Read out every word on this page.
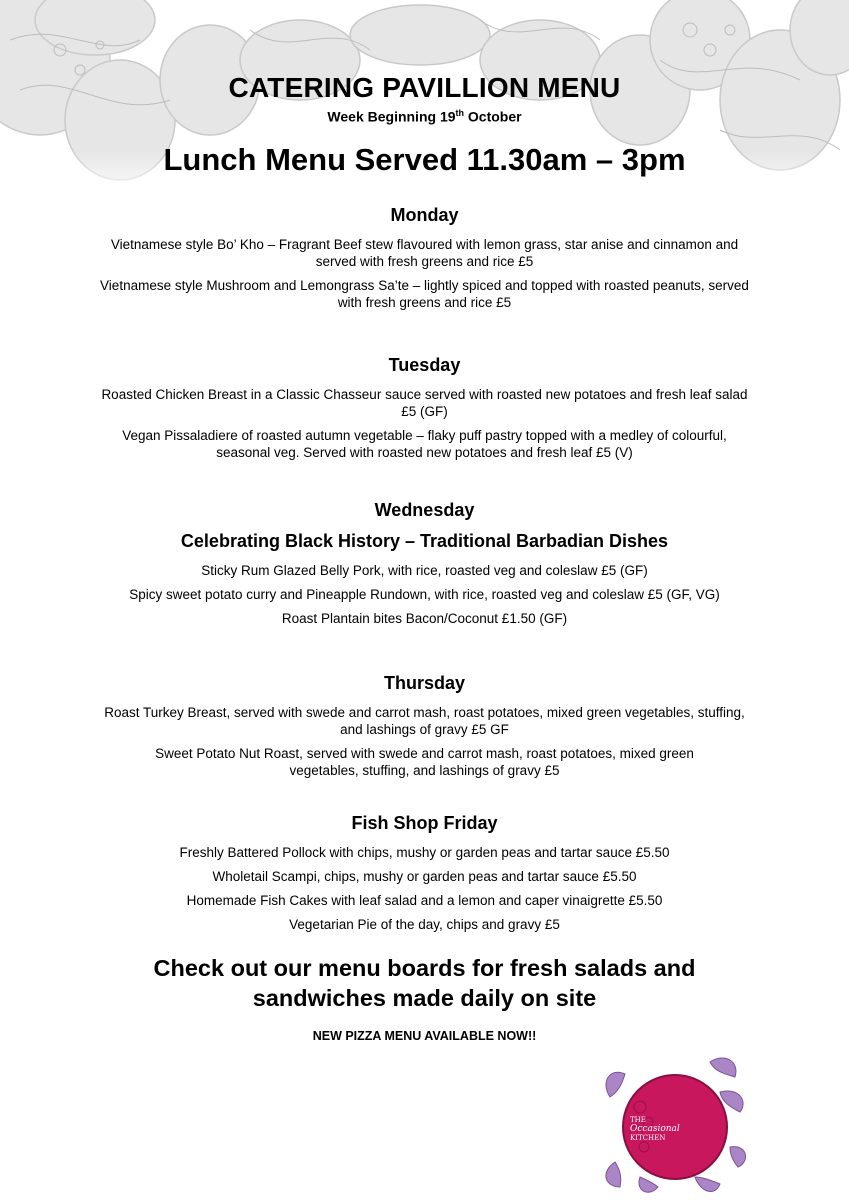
CATERING PAVILLION MENU
Week Beginning 19th October
Lunch Menu Served 11.30am – 3pm
Monday
Vietnamese style Bo’ Kho – Fragrant Beef stew flavoured with lemon grass, star anise and cinnamon and served with fresh greens and rice £5
Vietnamese style Mushroom and Lemongrass Sa’te – lightly spiced and topped with roasted peanuts, served with fresh greens and rice £5
Tuesday
Roasted Chicken Breast in a Classic Chasseur sauce served with roasted new potatoes and fresh leaf salad £5 (GF)
Vegan Pissaladiere of roasted autumn vegetable – flaky puff pastry topped with a medley of colourful, seasonal veg. Served with roasted new potatoes and fresh leaf £5 (V)
Wednesday
Celebrating Black History – Traditional Barbadian Dishes
Sticky Rum Glazed Belly Pork, with rice, roasted veg and coleslaw £5 (GF)
Spicy sweet potato curry and Pineapple Rundown, with rice, roasted veg and coleslaw £5 (GF, VG)
Roast Plantain bites Bacon/Coconut £1.50 (GF)
Thursday
Roast Turkey Breast, served with swede and carrot mash, roast potatoes, mixed green vegetables, stuffing, and lashings of gravy £5 GF
Sweet Potato Nut Roast, served with swede and carrot mash, roast potatoes, mixed green vegetables, stuffing, and lashings of gravy £5
Fish Shop Friday
Freshly Battered Pollock with chips, mushy or garden peas and tartar sauce £5.50
Wholetail Scampi, chips, mushy or garden peas and tartar sauce £5.50
Homemade Fish Cakes with leaf salad and a lemon and caper vinaigrette £5.50
Vegetarian Pie of the day, chips and gravy £5
Check out our menu boards for fresh salads and
sandwiches made daily on site
NEW PIZZA MENU AVAILABLE NOW!!
THE
Occasional
KITCHEN
